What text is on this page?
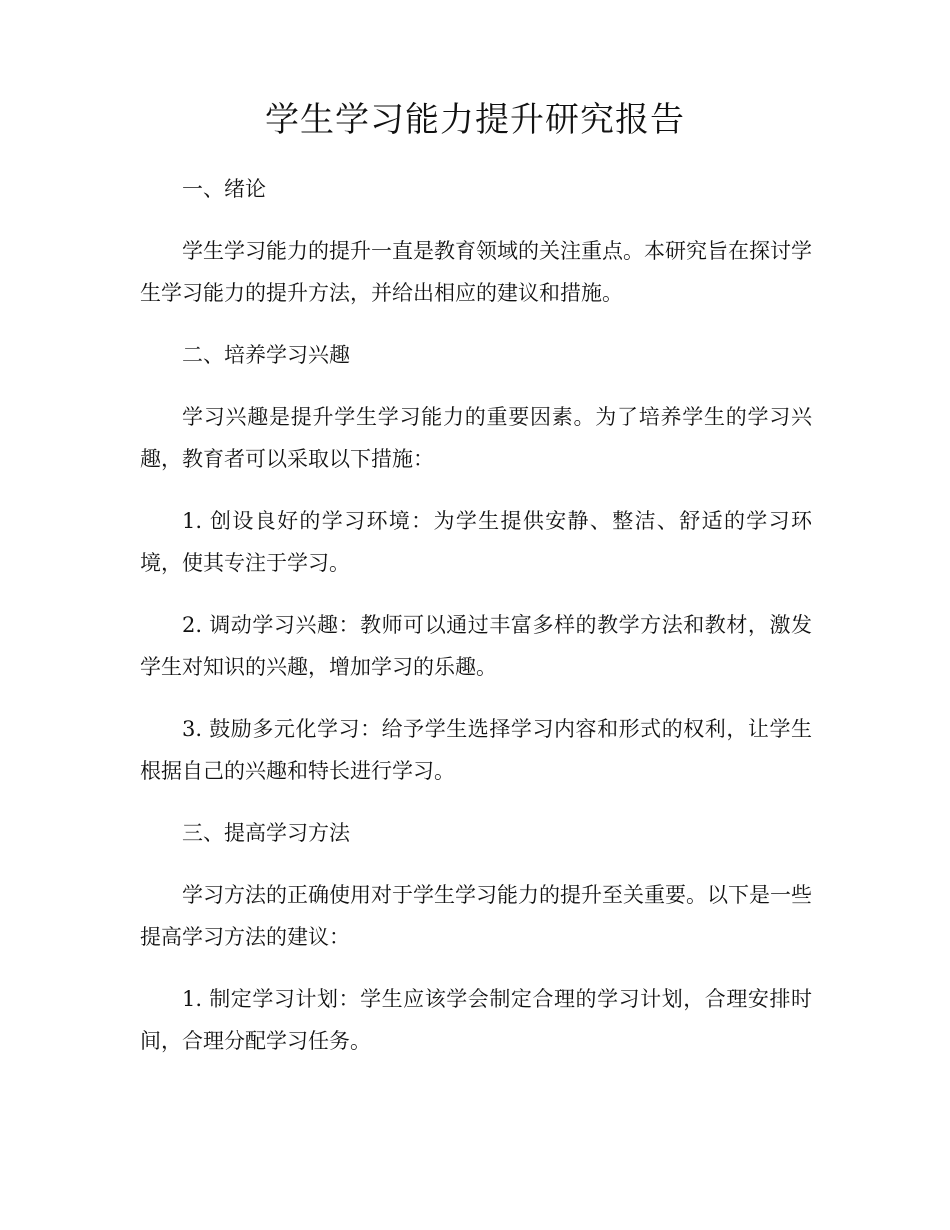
学生学习能力提升研究报告

一、绪论

学生学习能力的提升一直是教育领域的关注重点。本研究旨在探讨学生学习能力的提升方法，并给出相应的建议和措施。

二、培养学习兴趣

学习兴趣是提升学生学习能力的重要因素。为了培养学生的学习兴趣，教育者可以采取以下措施：

1. 创设良好的学习环境：为学生提供安静、整洁、舒适的学习环境，使其专注于学习。

2. 调动学习兴趣：教师可以通过丰富多样的教学方法和教材，激发学生对知识的兴趣，增加学习的乐趣。

3. 鼓励多元化学习：给予学生选择学习内容和形式的权利，让学生根据自己的兴趣和特长进行学习。

三、提高学习方法

学习方法的正确使用对于学生学习能力的提升至关重要。以下是一些提高学习方法的建议：

1. 制定学习计划：学生应该学会制定合理的学习计划，合理安排时间，合理分配学习任务。
